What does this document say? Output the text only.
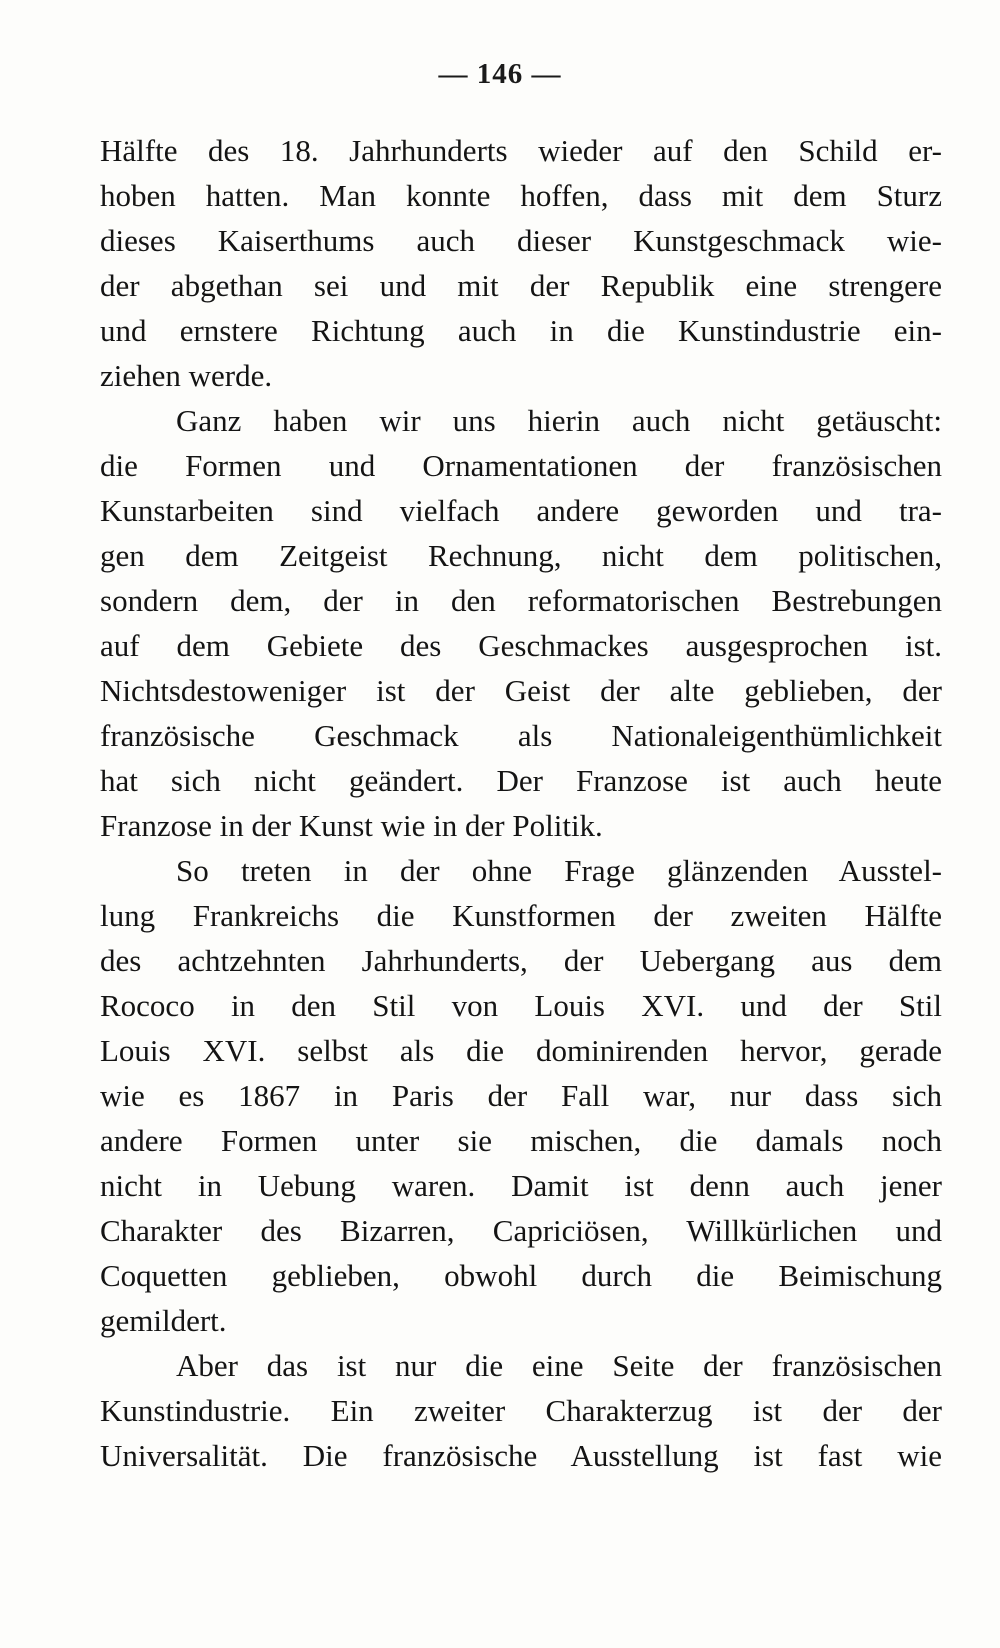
— 146 —
Hälfte des 18. Jahrhunderts wieder auf den Schild er-
hoben hatten. Man konnte hoffen, dass mit dem Sturz
dieses Kaiserthums auch dieser Kunstgeschmack wie-
der abgethan sei und mit der Republik eine strengere
und ernstere Richtung auch in die Kunstindustrie ein-
ziehen werde.
Ganz haben wir uns hierin auch nicht getäuscht:
die Formen und Ornamentationen der französischen
Kunstarbeiten sind vielfach andere geworden und tra-
gen dem Zeitgeist Rechnung, nicht dem politischen,
sondern dem, der in den reformatorischen Bestrebungen
auf dem Gebiete des Geschmackes ausgesprochen ist.
Nichtsdestoweniger ist der Geist der alte geblieben, der
französische Geschmack als Nationaleigenthümlichkeit
hat sich nicht geändert. Der Franzose ist auch heute
Franzose in der Kunst wie in der Politik.
So treten in der ohne Frage glänzenden Ausstel-
lung Frankreichs die Kunstformen der zweiten Hälfte
des achtzehnten Jahrhunderts, der Uebergang aus dem
Rococo in den Stil von Louis XVI. und der Stil
Louis XVI. selbst als die dominirenden hervor, gerade
wie es 1867 in Paris der Fall war, nur dass sich
andere Formen unter sie mischen, die damals noch
nicht in Uebung waren. Damit ist denn auch jener
Charakter des Bizarren, Capriciösen, Willkürlichen und
Coquetten geblieben, obwohl durch die Beimischung
gemildert.
Aber das ist nur die eine Seite der französischen
Kunstindustrie. Ein zweiter Charakterzug ist der der
Universalität. Die französische Ausstellung ist fast wie
